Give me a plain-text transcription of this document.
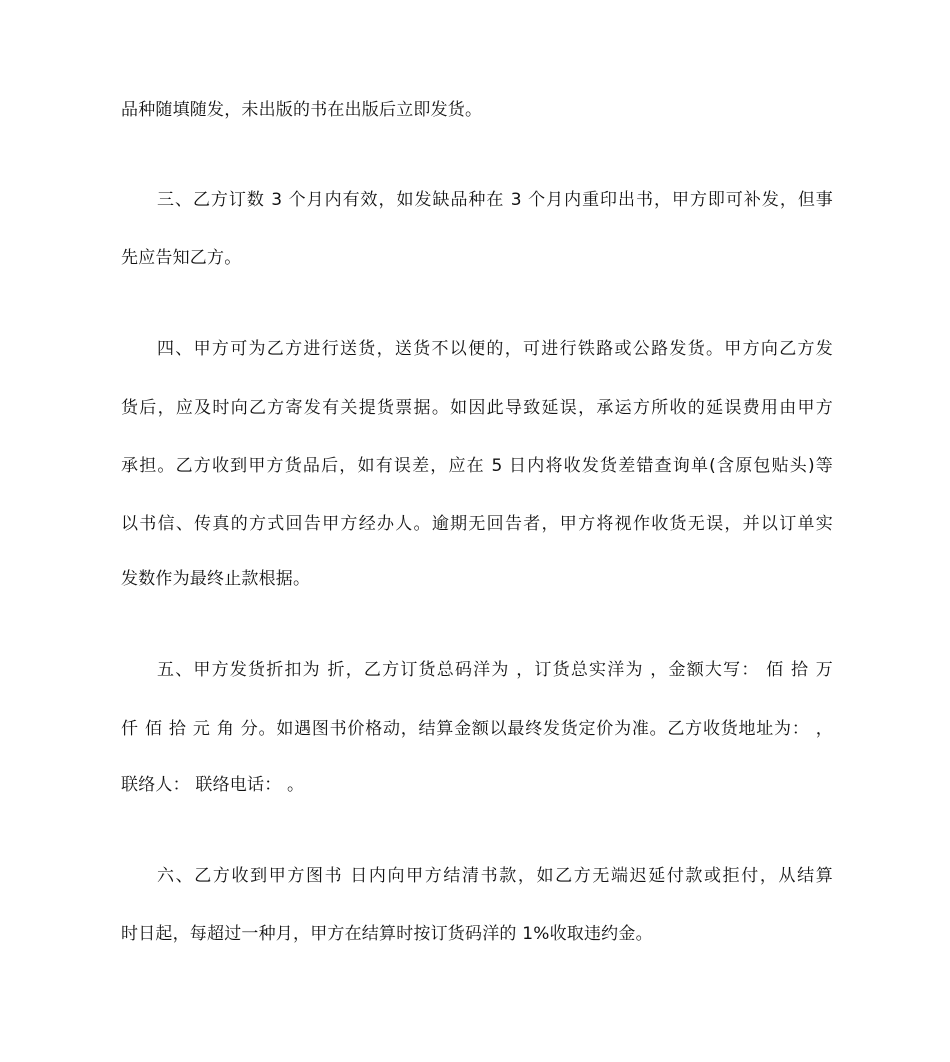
品种随填随发，未出版的书在出版后立即发货。
三、乙方订数 3 个月内有效，如发缺品种在 3 个月内重印出书，甲方即可补发，但事
先应告知乙方。
四、甲方可为乙方进行送货，送货不以便的，可进行铁路或公路发货。甲方向乙方发
货后，应及时向乙方寄发有关提货票据。如因此导致延误，承运方所收的延误费用由甲方
承担。乙方收到甲方货品后，如有误差，应在 5 日内将收发货差错查询单(含原包贴头)等
以书信、传真的方式回告甲方经办人。逾期无回告者，甲方将视作收货无误，并以订单实
发数作为最终止款根据。
五、甲方发货折扣为 折，乙方订货总码洋为 ，订货总实洋为 ，金额大写： 佰 拾 万
仟 佰 拾 元 角 分。如遇图书价格动，结算金额以最终发货定价为准。乙方收货地址为： ，
联络人： 联络电话： 。
六、乙方收到甲方图书 日内向甲方结清书款，如乙方无端迟延付款或拒付，从结算
时日起，每超过一种月，甲方在结算时按订货码洋的 1%收取违约金。
